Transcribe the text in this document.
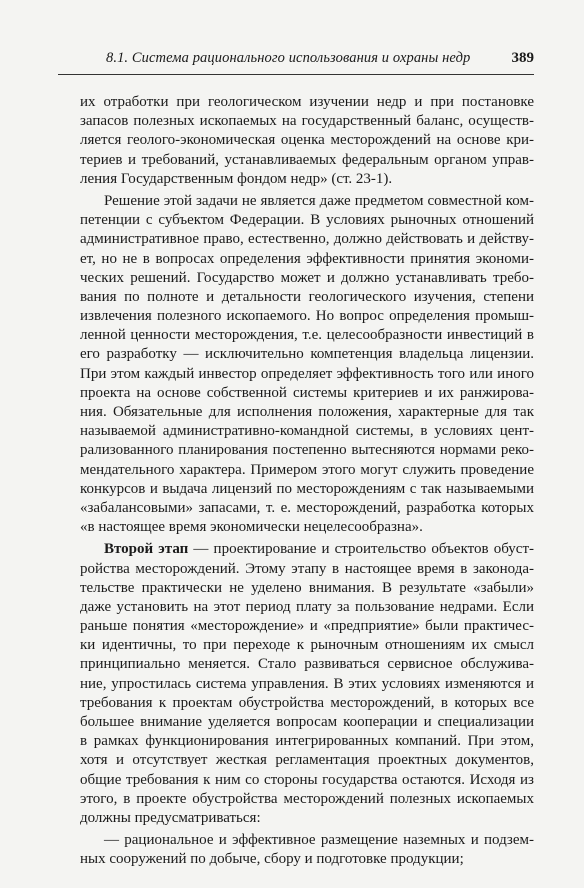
8.1. Система рационального использования и охраны недр	389

их отработки при геологическом изучении недр и при постановке
запасов полезных ископаемых на государственный баланс, осуществ-
ляется геолого-экономическая оценка месторождений на основе кри-
териев и требований, устанавливаемых федеральным органом управ-
ления Государственным фондом недр» (ст. 23-1).

Решение этой задачи не является даже предметом совместной ком-
петенции с субъектом Федерации. В условиях рыночных отношений
административное право, естественно, должно действовать и действу-
ет, но не в вопросах определения эффективности принятия экономи-
ческих решений. Государство может и должно устанавливать требо-
вания по полноте и детальности геологического изучения, степени
извлечения полезного ископаемого. Но вопрос определения промыш-
ленной ценности месторождения, т.е. целесообразности инвестиций в
его разработку — исключительно компетенция владельца лицензии.
При этом каждый инвестор определяет эффективность того или иного
проекта на основе собственной системы критериев и их ранжирова-
ния. Обязательные для исполнения положения, характерные для так
называемой административно-командной системы, в условиях цент-
рализованного планирования постепенно вытесняются нормами реко-
мендательного характера. Примером этого могут служить проведение
конкурсов и выдача лицензий по месторождениям с так называемыми
«забалансовыми» запасами, т. е. месторождений, разработка которых
«в настоящее время экономически нецелесообразна».

Второй этап — проектирование и строительство объектов обуст-
ройства месторождений. Этому этапу в настоящее время в законода-
тельстве практически не уделено внимания. В результате «забыли»
даже установить на этот период плату за пользование недрами. Если
раньше понятия «месторождение» и «предприятие» были практичес-
ки идентичны, то при переходе к рыночным отношениям их смысл
принципиально меняется. Стало развиваться сервисное обслужива-
ние, упростилась система управления. В этих условиях изменяются и
требования к проектам обустройства месторождений, в которых все
большее внимание уделяется вопросам кооперации и специализации
в рамках функционирования интегрированных компаний. При этом,
хотя и отсутствует жесткая регламентация проектных документов,
общие требования к ним со стороны государства остаются. Исходя из
этого, в проекте обустройства месторождений полезных ископаемых
должны предусматриваться:

— рациональное и эффективное размещение наземных и подзем-
ных сооружений по добыче, сбору и подготовке продукции;
